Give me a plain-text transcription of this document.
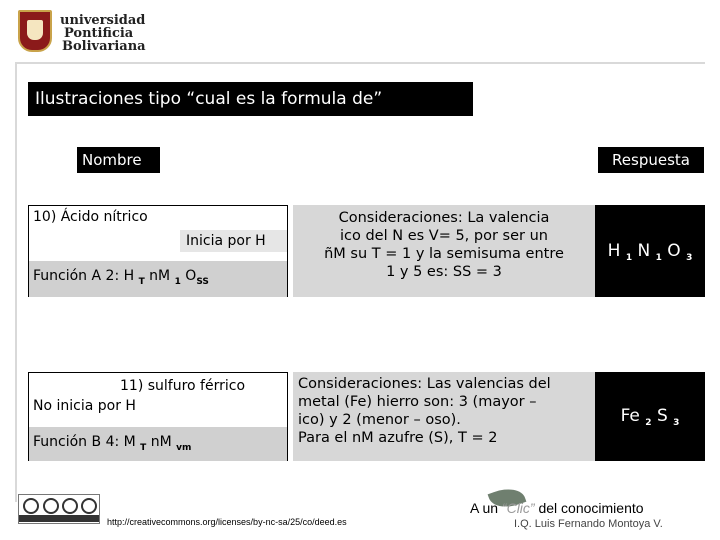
universidad
Pontificia
Bolivariana
Ilustraciones tipo “cual es la formula de”
Nombre	Respuesta
10) Ácido nítrico
Inicia por H
Función A 2: H $_T$ nM $_1$ $O_{SS}$
Consideraciones: La valencia
ico del N es V= 5, por ser un
ñM su T = 1 y la semisuma entre
1 y 5 es: SS = 3
H $_1$ N $_1$ O $_3$
11) sulfuro férrico
No inicia por H
Función B 4: M $_T$ nM $_{vm}$
Consideraciones: Las valencias del
metal (Fe) hierro son: 3 (mayor –
ico) y 2 (menor – oso).
Para el nM azufre (S), T = 2
Fe $_2$ S $_3$
http://creativecommons.org/licenses/by-nc-sa/25/co/deed.es
A un “Clic” del conocimiento
I.Q. Luis Fernando Montoya V.
